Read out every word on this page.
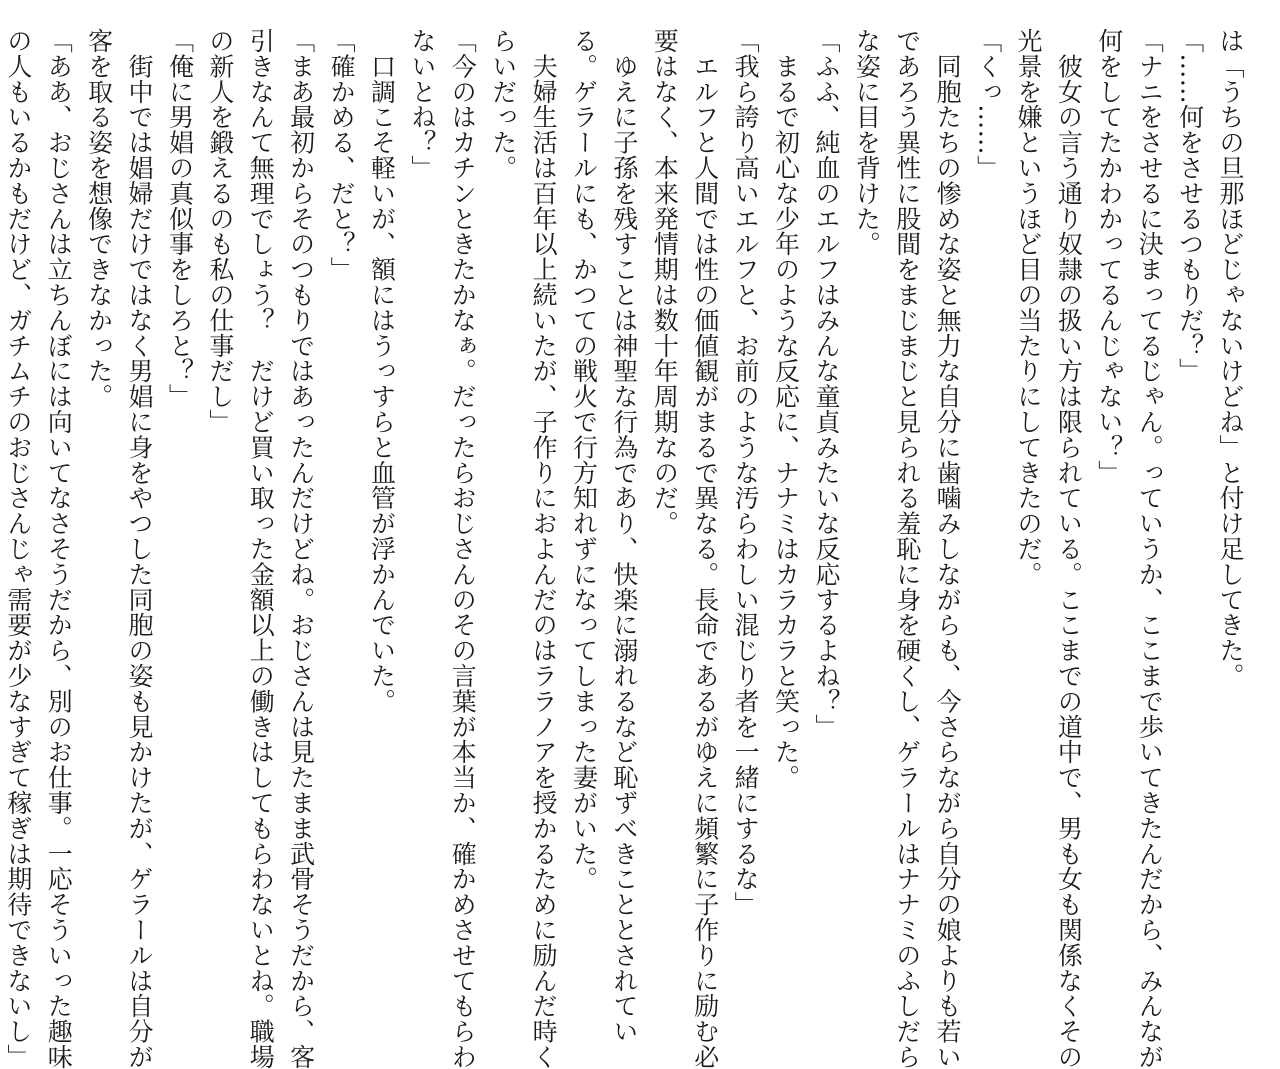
は「うちの旦那ほどじゃないけどね」と付け足してきた。
「……何をさせるつもりだ？」
「ナニをさせるに決まってるじゃん。っていうか、ここまで歩いてきたんだから、みんなが
何をしてたかわかってるんじゃない？」
　彼女の言う通り奴隷の扱い方は限られている。ここまでの道中で、男も女も関係なくその
光景を嫌というほど目の当たりにしてきたのだ。
「くっ……」
　同胞たちの惨めな姿と無力な自分に歯噛みしながらも、今さらながら自分の娘よりも若い
であろう異性に股間をまじまじと見られる羞恥に身を硬くし、ゲラールはナナミのふしだら
な姿に目を背けた。
「ふふ、純血のエルフはみんな童貞みたいな反応するよね？」
　まるで初心な少年のような反応に、ナナミはカラカラと笑った。
「我ら誇り高いエルフと、お前のような汚らわしい混じり者を一緒にするな」
　エルフと人間では性の価値観がまるで異なる。長命であるがゆえに頻繁に子作りに励む必
要はなく、本来発情期は数十年周期なのだ。
　ゆえに子孫を残すことは神聖な行為であり、快楽に溺れるなど恥ずべきこととされてい
る。ゲラールにも、かつての戦火で行方知れずになってしまった妻がいた。
　夫婦生活は百年以上続いたが、子作りにおよんだのはララノアを授かるために励んだ時く
らいだった。
「今のはカチンときたかなぁ。だったらおじさんのその言葉が本当か、確かめさせてもらわ
ないとね？」
　口調こそ軽いが、額にはうっすらと血管が浮かんでいた。
「確かめる、だと？」
「まあ最初からそのつもりではあったんだけどね。おじさんは見たまま武骨そうだから、客
引きなんて無理でしょう？　だけど買い取った金額以上の働きはしてもらわないとね。職場
の新人を鍛えるのも私の仕事だし」
「俺に男娼の真似事をしろと？」
　街中では娼婦だけではなく男娼に身をやつした同胞の姿も見かけたが、ゲラールは自分が
客を取る姿を想像できなかった。
「ああ、おじさんは立ちんぼには向いてなさそうだから、別のお仕事。一応そういった趣味
の人もいるかもだけど、ガチムチのおじさんじゃ需要が少なすぎて稼ぎは期待できないし」
